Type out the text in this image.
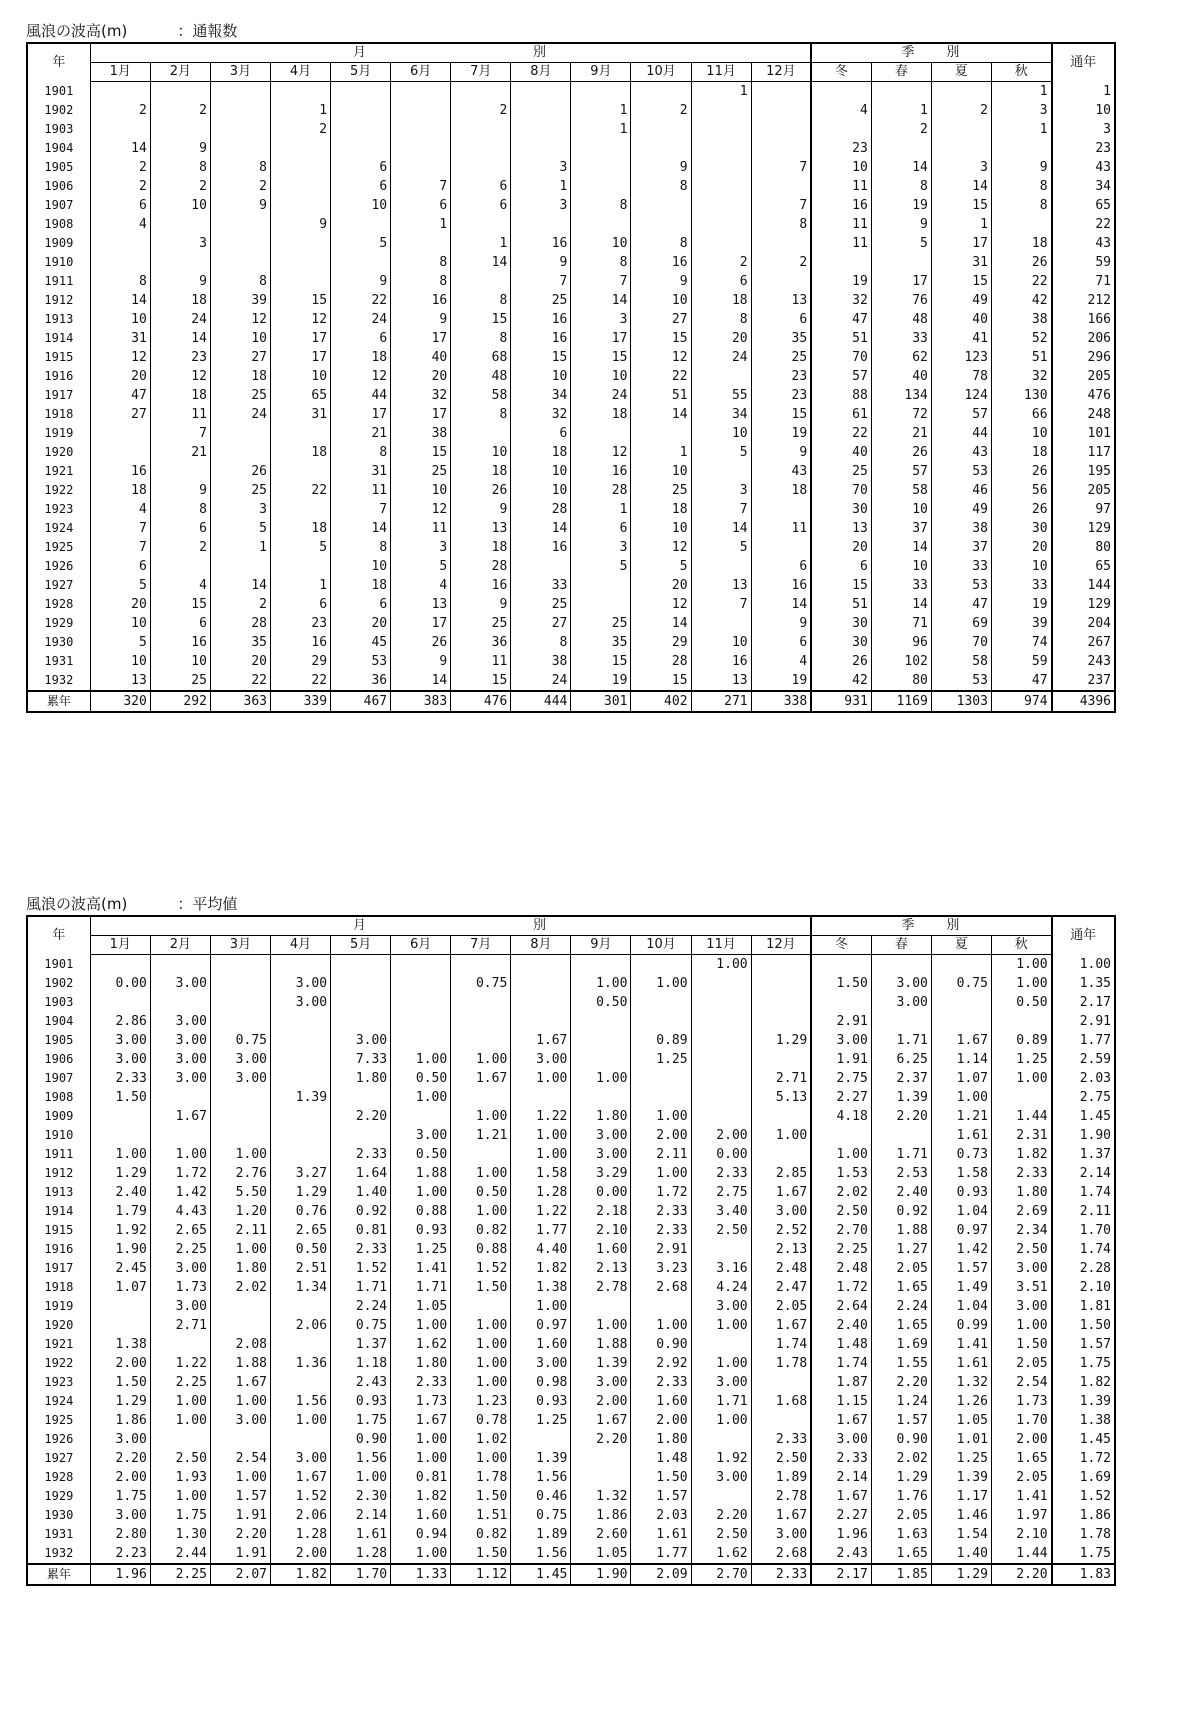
風浪の波高(m)	：通報数
年	月　　　　　　　　　　　別												季　　別				通年
	1月	2月	3月	4月	5月	6月	7月	8月	9月	10月	11月	12月	冬	春	夏	秋	
1901											1					1	1
1902	2	2		1			2		1	2			4	1	2	3	10
1903				2					1					2		1	3
1904	14	9											23				23
1905	2	8	8		6			3		9		7	10	14	3	9	43
1906	2	2	2		6	7	6	1		8			11	8	14	8	34
1907	6	10	9		10	6	6	3	8			7	16	19	15	8	65
1908	4			9		1						8	11	9	1		22
1909		3			5		1	16	10	8			11	5	17	18	43
1910						8	14	9	8	16	2	2			31	26	59
1911	8	9	8		9	8		7	7	9	6		19	17	15	22	71
1912	14	18	39	15	22	16	8	25	14	10	18	13	32	76	49	42	212
1913	10	24	12	12	24	9	15	16	3	27	8	6	47	48	40	38	166
1914	31	14	10	17	6	17	8	16	17	15	20	35	51	33	41	52	206
1915	12	23	27	17	18	40	68	15	15	12	24	25	70	62	123	51	296
1916	20	12	18	10	12	20	48	10	10	22		23	57	40	78	32	205
1917	47	18	25	65	44	32	58	34	24	51	55	23	88	134	124	130	476
1918	27	11	24	31	17	17	8	32	18	14	34	15	61	72	57	66	248
1919		7			21	38		6			10	19	22	21	44	10	101
1920		21		18	8	15	10	18	12	1	5	9	40	26	43	18	117
1921	16		26		31	25	18	10	16	10		43	25	57	53	26	195
1922	18	9	25	22	11	10	26	10	28	25	3	18	70	58	46	56	205
1923	4	8	3		7	12	9	28	1	18	7		30	10	49	26	97
1924	7	6	5	18	14	11	13	14	6	10	14	11	13	37	38	30	129
1925	7	2	1	5	8	3	18	16	3	12	5		20	14	37	20	80
1926	6				10	5	28		5	5		6	6	10	33	10	65
1927	5	4	14	1	18	4	16	33		20	13	16	15	33	53	33	144
1928	20	15	2	6	6	13	9	25		12	7	14	51	14	47	19	129
1929	10	6	28	23	20	17	25	27	25	14		9	30	71	69	39	204
1930	5	16	35	16	45	26	36	8	35	29	10	6	30	96	70	74	267
1931	10	10	20	29	53	9	11	38	15	28	16	4	26	102	58	59	243
1932	13	25	22	22	36	14	15	24	19	15	13	19	42	80	53	47	237
累年	320	292	363	339	467	383	476	444	301	402	271	338	931	1169	1303	974	4396
風浪の波高(m)	：平均値
年	月　　　　　　　　　　　別												季　　別				通年
	1月	2月	3月	4月	5月	6月	7月	8月	9月	10月	11月	12月	冬	春	夏	秋	
1901											1.00					1.00	1.00
1902	0.00	3.00		3.00			0.75		1.00	1.00			1.50	3.00	0.75	1.00	1.35
1903				3.00					0.50					3.00		0.50	2.17
1904	2.86	3.00											2.91				2.91
1905	3.00	3.00	0.75		3.00			1.67		0.89		1.29	3.00	1.71	1.67	0.89	1.77
1906	3.00	3.00	3.00		7.33	1.00	1.00	3.00		1.25			1.91	6.25	1.14	1.25	2.59
1907	2.33	3.00	3.00		1.80	0.50	1.67	1.00	1.00			2.71	2.75	2.37	1.07	1.00	2.03
1908	1.50			1.39		1.00						5.13	2.27	1.39	1.00		2.75
1909		1.67			2.20		1.00	1.22	1.80	1.00			4.18	2.20	1.21	1.44	1.45
1910						3.00	1.21	1.00	3.00	2.00	2.00	1.00			1.61	2.31	1.90
1911	1.00	1.00	1.00		2.33	0.50		1.00	3.00	2.11	0.00		1.00	1.71	0.73	1.82	1.37
1912	1.29	1.72	2.76	3.27	1.64	1.88	1.00	1.58	3.29	1.00	2.33	2.85	1.53	2.53	1.58	2.33	2.14
1913	2.40	1.42	5.50	1.29	1.40	1.00	0.50	1.28	0.00	1.72	2.75	1.67	2.02	2.40	0.93	1.80	1.74
1914	1.79	4.43	1.20	0.76	0.92	0.88	1.00	1.22	2.18	2.33	3.40	3.00	2.50	0.92	1.04	2.69	2.11
1915	1.92	2.65	2.11	2.65	0.81	0.93	0.82	1.77	2.10	2.33	2.50	2.52	2.70	1.88	0.97	2.34	1.70
1916	1.90	2.25	1.00	0.50	2.33	1.25	0.88	4.40	1.60	2.91		2.13	2.25	1.27	1.42	2.50	1.74
1917	2.45	3.00	1.80	2.51	1.52	1.41	1.52	1.82	2.13	3.23	3.16	2.48	2.48	2.05	1.57	3.00	2.28
1918	1.07	1.73	2.02	1.34	1.71	1.71	1.50	1.38	2.78	2.68	4.24	2.47	1.72	1.65	1.49	3.51	2.10
1919		3.00			2.24	1.05		1.00			3.00	2.05	2.64	2.24	1.04	3.00	1.81
1920		2.71		2.06	0.75	1.00	1.00	0.97	1.00	1.00	1.00	1.67	2.40	1.65	0.99	1.00	1.50
1921	1.38		2.08		1.37	1.62	1.00	1.60	1.88	0.90		1.74	1.48	1.69	1.41	1.50	1.57
1922	2.00	1.22	1.88	1.36	1.18	1.80	1.00	3.00	1.39	2.92	1.00	1.78	1.74	1.55	1.61	2.05	1.75
1923	1.50	2.25	1.67		2.43	2.33	1.00	0.98	3.00	2.33	3.00		1.87	2.20	1.32	2.54	1.82
1924	1.29	1.00	1.00	1.56	0.93	1.73	1.23	0.93	2.00	1.60	1.71	1.68	1.15	1.24	1.26	1.73	1.39
1925	1.86	1.00	3.00	1.00	1.75	1.67	0.78	1.25	1.67	2.00	1.00		1.67	1.57	1.05	1.70	1.38
1926	3.00				0.90	1.00	1.02		2.20	1.80		2.33	3.00	0.90	1.01	2.00	1.45
1927	2.20	2.50	2.54	3.00	1.56	1.00	1.00	1.39		1.48	1.92	2.50	2.33	2.02	1.25	1.65	1.72
1928	2.00	1.93	1.00	1.67	1.00	0.81	1.78	1.56		1.50	3.00	1.89	2.14	1.29	1.39	2.05	1.69
1929	1.75	1.00	1.57	1.52	2.30	1.82	1.50	0.46	1.32	1.57		2.78	1.67	1.76	1.17	1.41	1.52
1930	3.00	1.75	1.91	2.06	2.14	1.60	1.51	0.75	1.86	2.03	2.20	1.67	2.27	2.05	1.46	1.97	1.86
1931	2.80	1.30	2.20	1.28	1.61	0.94	0.82	1.89	2.60	1.61	2.50	3.00	1.96	1.63	1.54	2.10	1.78
1932	2.23	2.44	1.91	2.00	1.28	1.00	1.50	1.56	1.05	1.77	1.62	2.68	2.43	1.65	1.40	1.44	1.75
累年	1.96	2.25	2.07	1.82	1.70	1.33	1.12	1.45	1.90	2.09	2.70	2.33	2.17	1.85	1.29	2.20	1.83
